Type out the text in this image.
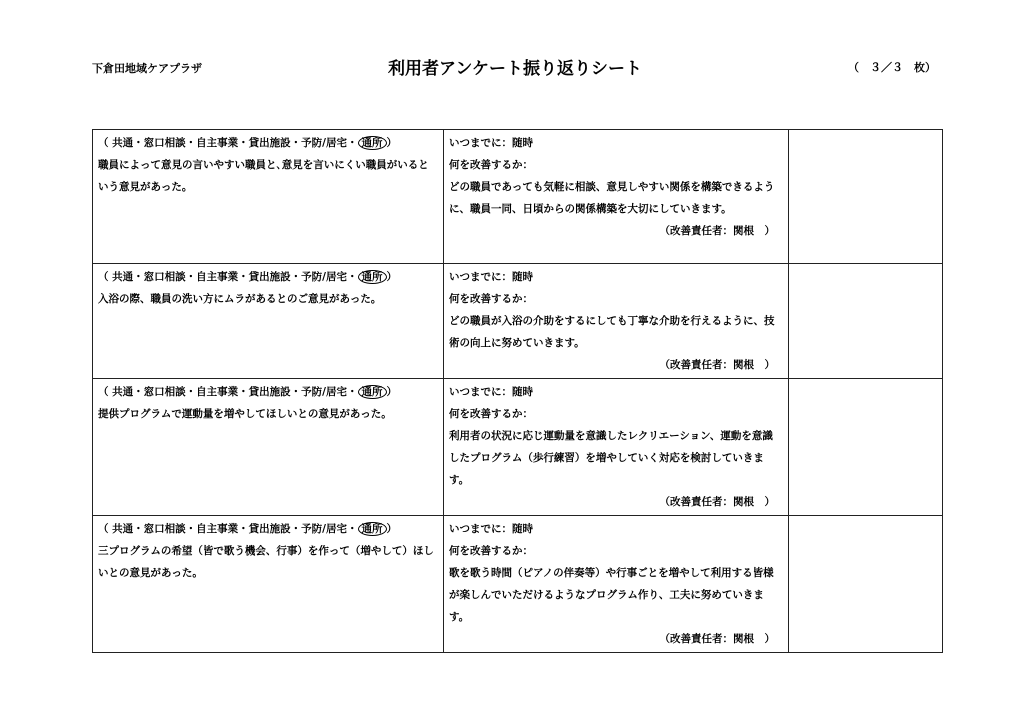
下倉田地域ケアプラザ	利用者アンケート振り返りシート	（　３／３　枚）
（ 共通・窓口相談・自主事業・貸出施設・予防/居宅・ 通所 ）
職員によって意見の言いやすい職員と､意見を言いにくい職員がいるという意見があった。	いつまでに：随時
何を改善するか：
どの職員であっても気軽に相談、意見しやすい関係を構築できるように、職員一同、日頃からの関係構築を大切にしていきます。
（改善責任者：関根　）	

（ 共通・窓口相談・自主事業・貸出施設・予防/居宅・ 通所 ）
入浴の際、職員の洗い方にムラがあるとのご意見があった。	いつまでに：随時
何を改善するか：
どの職員が入浴の介助をするにしても丁寧な介助を行えるように、技術の向上に努めていきます。
（改善責任者：関根　）	

（ 共通・窓口相談・自主事業・貸出施設・予防/居宅・ 通所 ）
提供プログラムで運動量を増やしてほしいとの意見があった。	いつまでに：随時
何を改善するか：
利用者の状況に応じ運動量を意識したレクリエーション、運動を意識したプログラム（歩行練習）を増やしていく対応を検討していきます。
（改善責任者：関根　）	

（ 共通・窓口相談・自主事業・貸出施設・予防/居宅・ 通所 ）
三プログラムの希望（皆で歌う機会、行事）を作って（増やして）ほしいとの意見があった。	いつまでに：随時
何を改善するか：
歌を歌う時間（ピアノの伴奏等）や行事ごとを増やして利用する皆様が楽しんでいただけるようなプログラム作り、工夫に努めていきます。
（改善責任者：関根　）	
